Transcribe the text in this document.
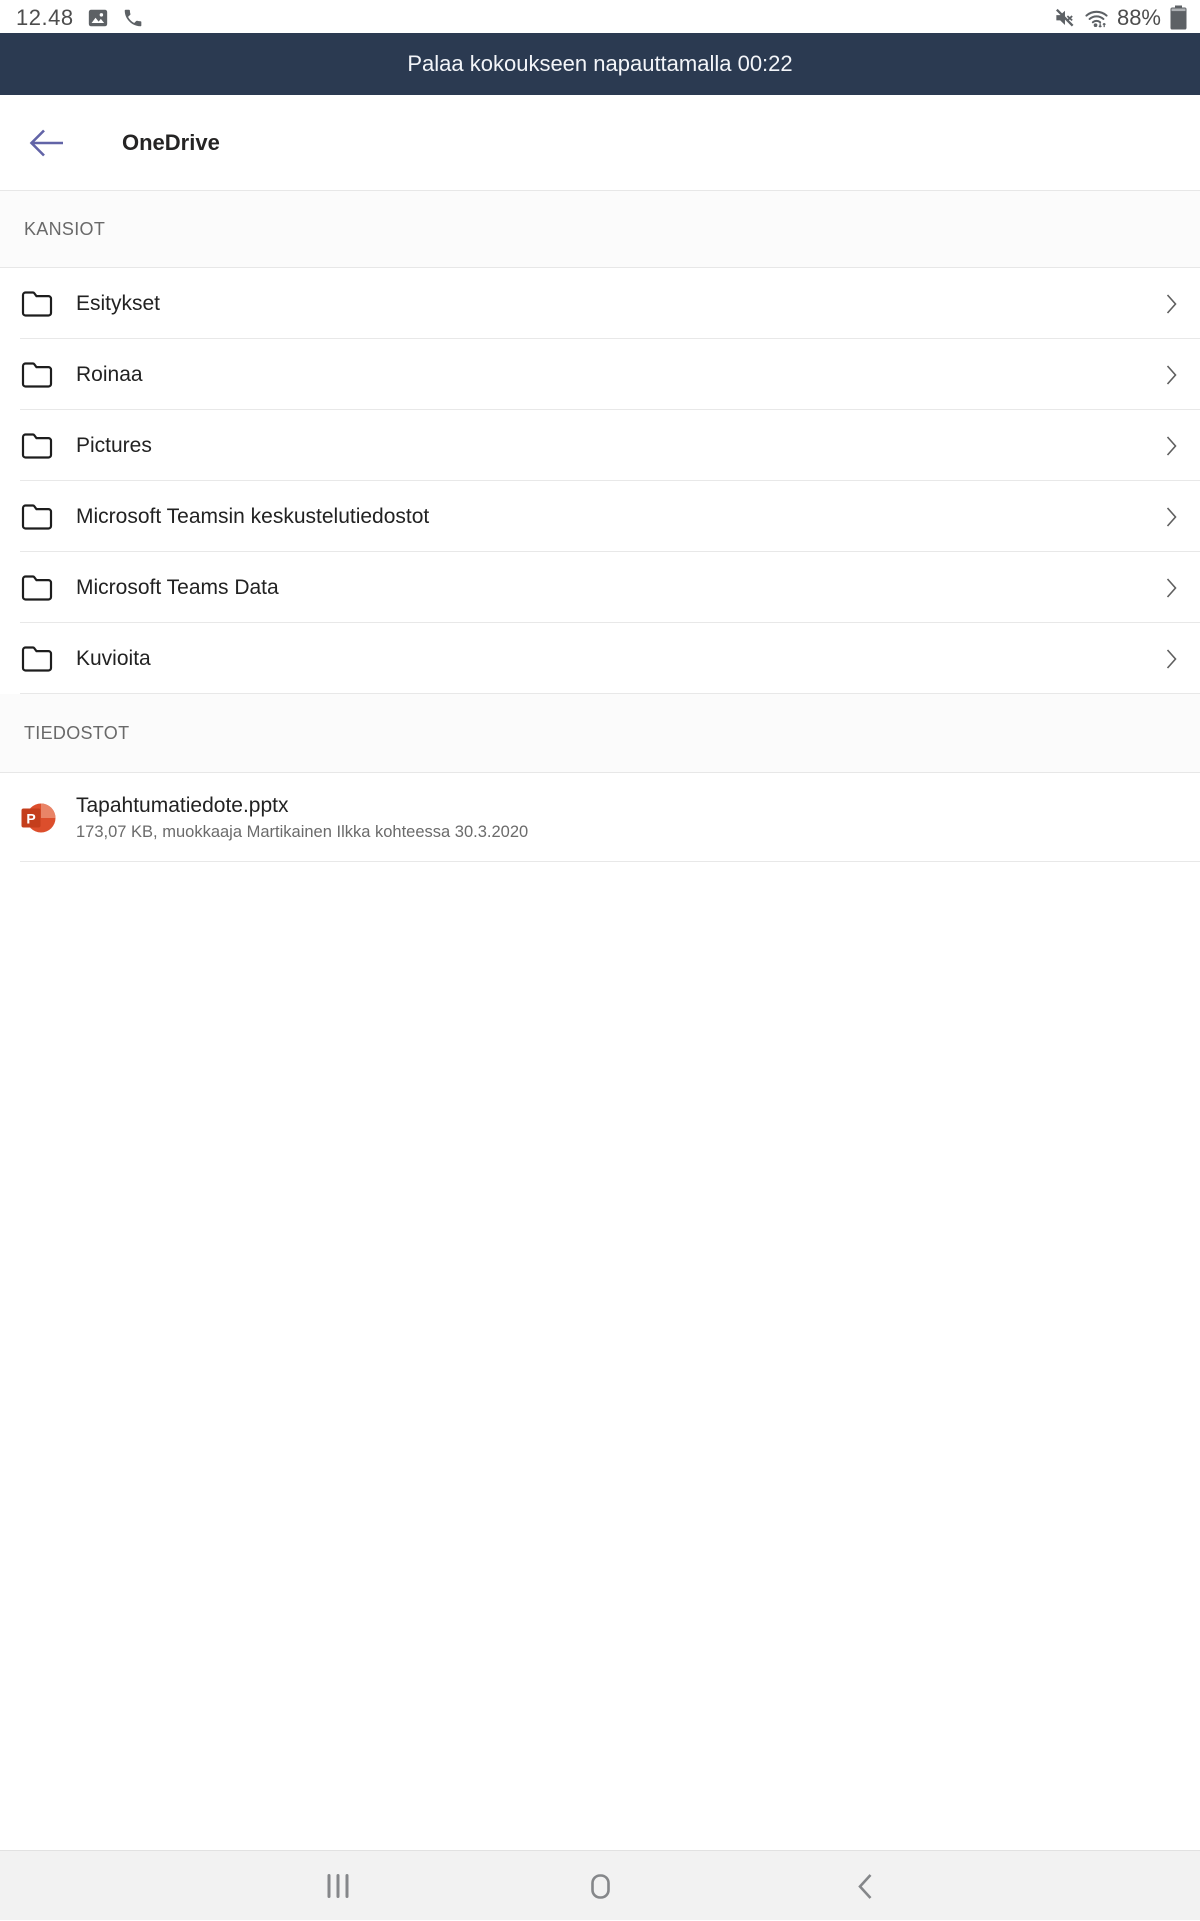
12.48	88%
Palaa kokoukseen napauttamalla 00:22
OneDrive
KANSIOT
Esitykset
Roinaa
Pictures
Microsoft Teamsin keskustelutiedostot
Microsoft Teams Data
Kuvioita
TIEDOSTOT
P
Tapahtumatiedote.pptx
173,07 KB, muokkaaja Martikainen Ilkka kohteessa 30.3.2020
